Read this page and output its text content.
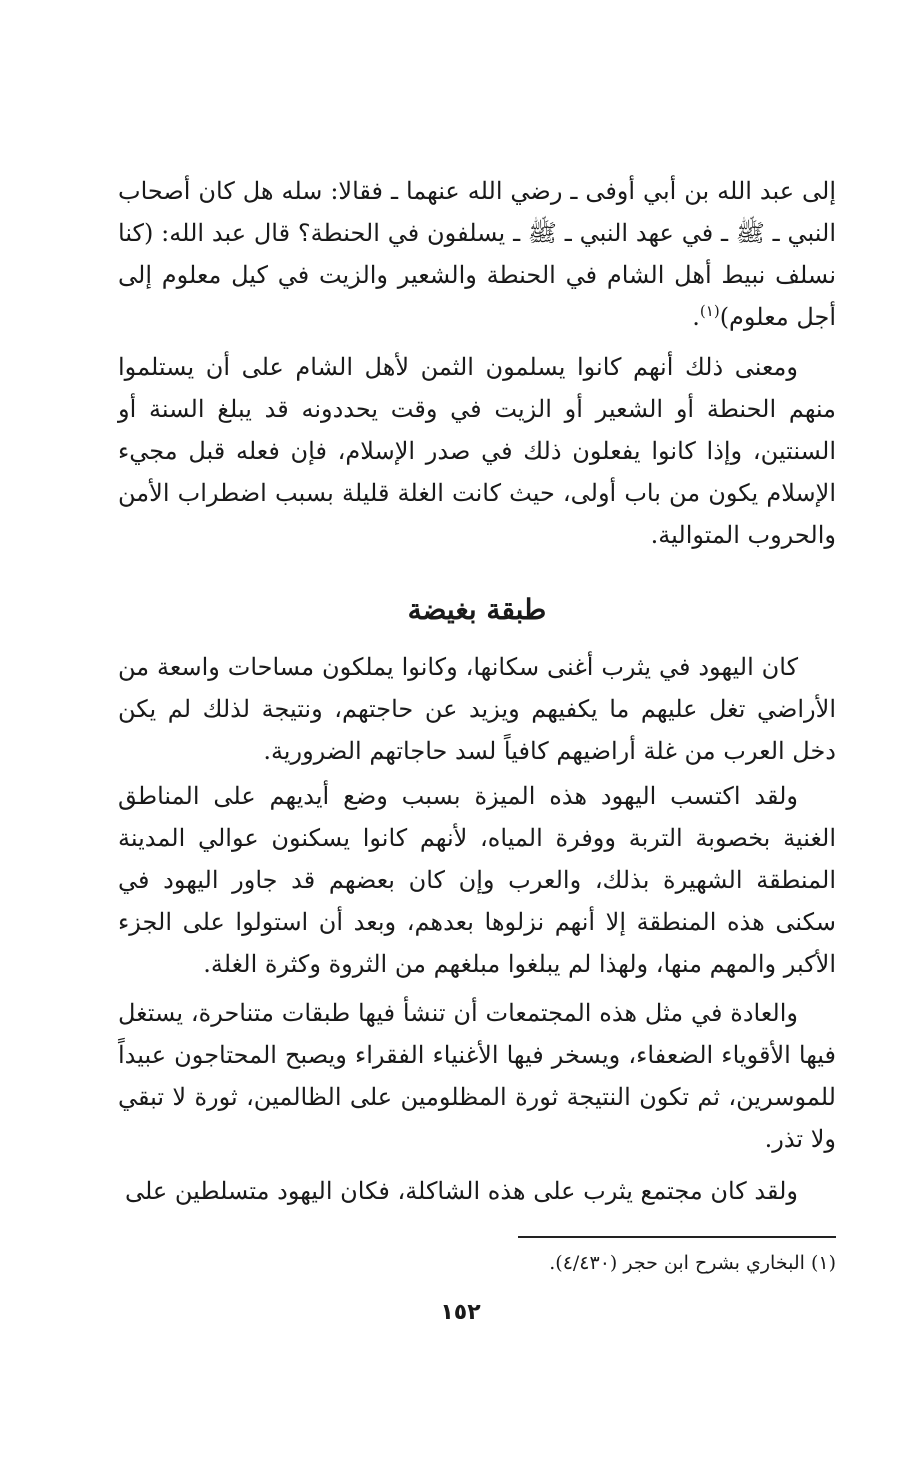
إلى عبد الله بن أبي أوفى ـ رضي الله عنهما ـ فقالا: سله هل كان أصحاب النبي ـ ﷺ ـ في عهد النبي ـ ﷺ ـ يسلفون في الحنطة؟ قال عبد الله: (كنا نسلف نبيط أهل الشام في الحنطة والشعير والزيت في كيل معلوم إلى أجل معلوم)$^{(١)}$.

ومعنى ذلك أنهم كانوا يسلمون الثمن لأهل الشام على أن يستلموا منهم الحنطة أو الشعير أو الزيت في وقت يحددونه قد يبلغ السنة أو السنتين، وإذا كانوا يفعلون ذلك في صدر الإسلام، فإن فعله قبل مجيء الإسلام يكون من باب أولى، حيث كانت الغلة قليلة بسبب اضطراب الأمن والحروب المتوالية.

طبقة بغيضة

كان اليهود في يثرب أغنى سكانها، وكانوا يملكون مساحات واسعة من الأراضي تغل عليهم ما يكفيهم ويزيد عن حاجتهم، ونتيجة لذلك لم يكن دخل العرب من غلة أراضيهم كافياً لسد حاجاتهم الضرورية.

ولقد اكتسب اليهود هذه الميزة بسبب وضع أيديهم على المناطق الغنية بخصوبة التربة ووفرة المياه، لأنهم كانوا يسكنون عوالي المدينة المنطقة الشهيرة بذلك، والعرب وإن كان بعضهم قد جاور اليهود في سكنى هذه المنطقة إلا أنهم نزلوها بعدهم، وبعد أن استولوا على الجزء الأكبر والمهم منها، ولهذا لم يبلغوا مبلغهم من الثروة وكثرة الغلة.

والعادة في مثل هذه المجتمعات أن تنشأ فيها طبقات متناحرة، يستغل فيها الأقوياء الضعفاء، ويسخر فيها الأغنياء الفقراء ويصبح المحتاجون عبيداً للموسرين، ثم تكون النتيجة ثورة المظلومين على الظالمين، ثورة لا تبقي ولا تذر.

ولقد كان مجتمع يثرب على هذه الشاكلة، فكان اليهود متسلطين على

(١) البخاري بشرح ابن حجر (٤/٤٣٠).
١٥٢
